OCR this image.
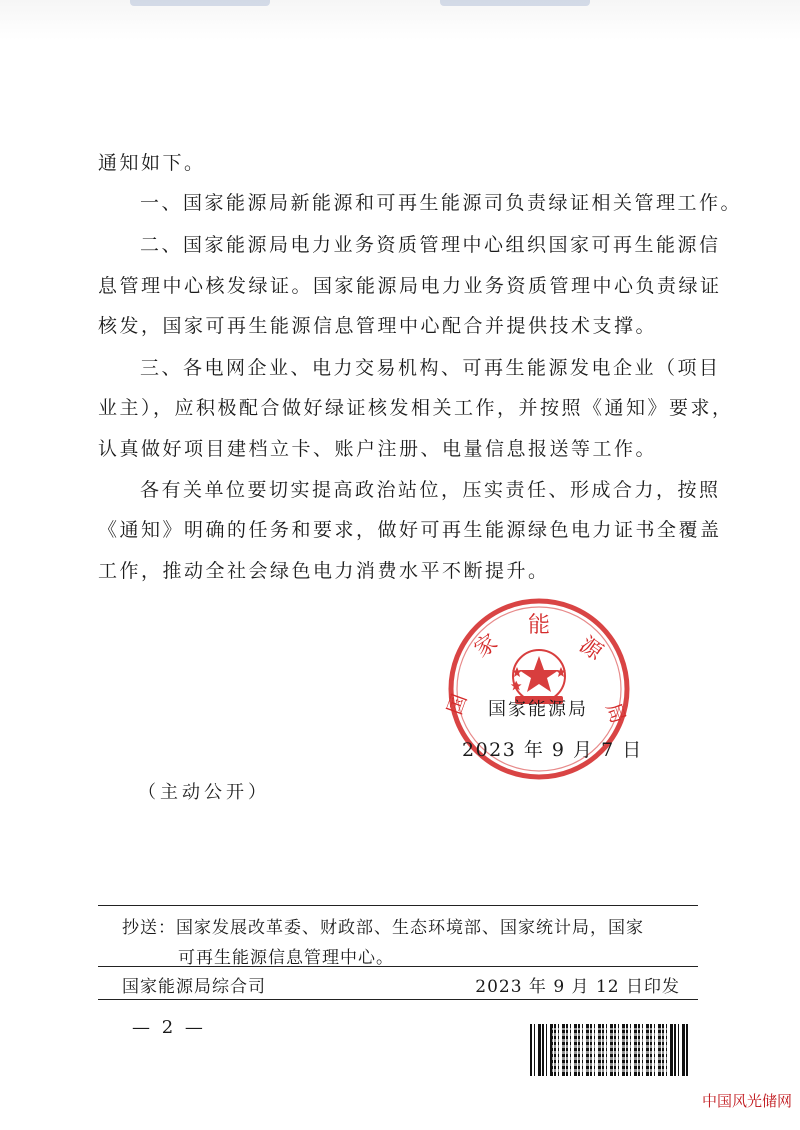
通知如下。
一、国家能源局新能源和可再生能源司负责绿证相关管理工作。
二、国家能源局电力业务资质管理中心组织国家可再生能源信
息管理中心核发绿证。国家能源局电力业务资质管理中心负责绿证
核发，国家可再生能源信息管理中心配合并提供技术支撑。
三、各电网企业、电力交易机构、可再生能源发电企业（项目
业主），应积极配合做好绿证核发相关工作，并按照《通知》要求，
认真做好项目建档立卡、账户注册、电量信息报送等工作。
各有关单位要切实提高政治站位，压实责任、形成合力，按照
《通知》明确的任务和要求，做好可再生能源绿色电力证书全覆盖
工作，推动全社会绿色电力消费水平不断提升。
家
能
源
国	局
国家能源局
2023 年 9 月 7 日
（主动公开）
抄送：国家发展改革委、财政部、生态环境部、国家统计局，国家
可再生能源信息管理中心。
国家能源局综合司	2023 年 9 月 12 日印发
— 2 —
中国风光储网
